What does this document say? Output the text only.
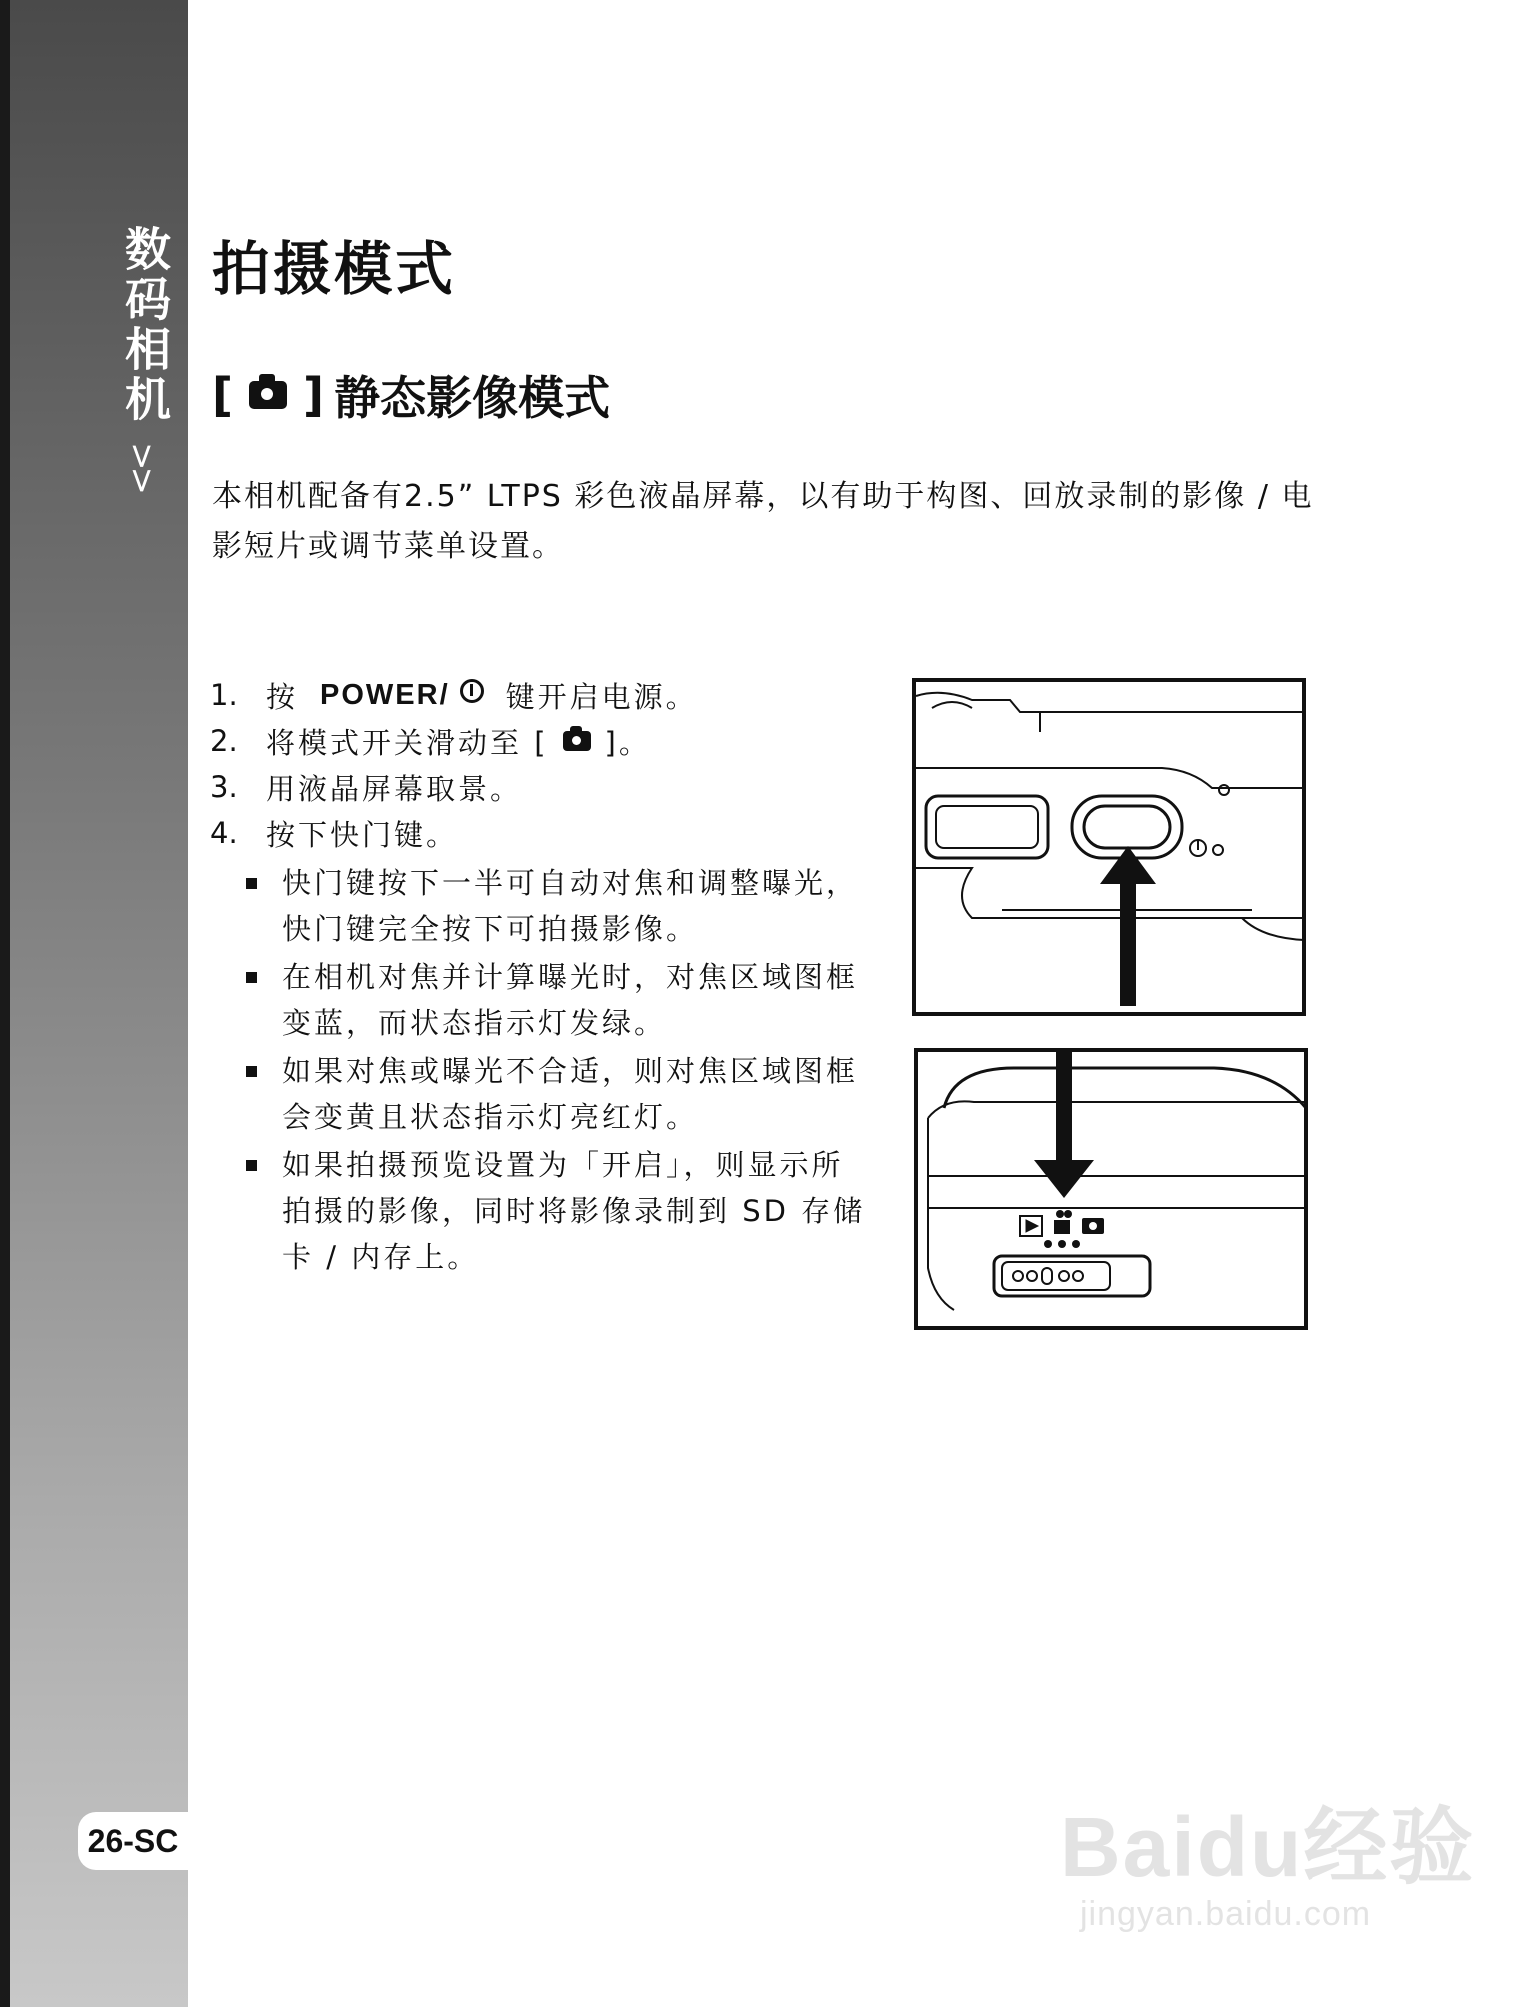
数码相机
>>
26-SC
拍摄模式
[ ] 静态影像模式

本相机配备有2.5” LTPS 彩色液晶屏幕，以有助于构图、回放录制的影像 / 电影短片或调节菜单设置。

1. 按 POWER/ 键开启电源。
2. 将模式开关滑动至 [ ]。
3. 用液晶屏幕取景。
4. 按下快门键。
快门键按下一半可自动对焦和调整曝光，快门键完全按下可拍摄影像。
在相机对焦并计算曝光时，对焦区域图框变蓝，而状态指示灯发绿。
如果对焦或曝光不合适，则对焦区域图框会变黄且状态指示灯亮红灯。
如果拍摄预览设置为「开启」，则显示所拍摄的影像，同时将影像录制到 SD 存储卡 / 内存上。
Baidu经验
jingyan.baidu.com
